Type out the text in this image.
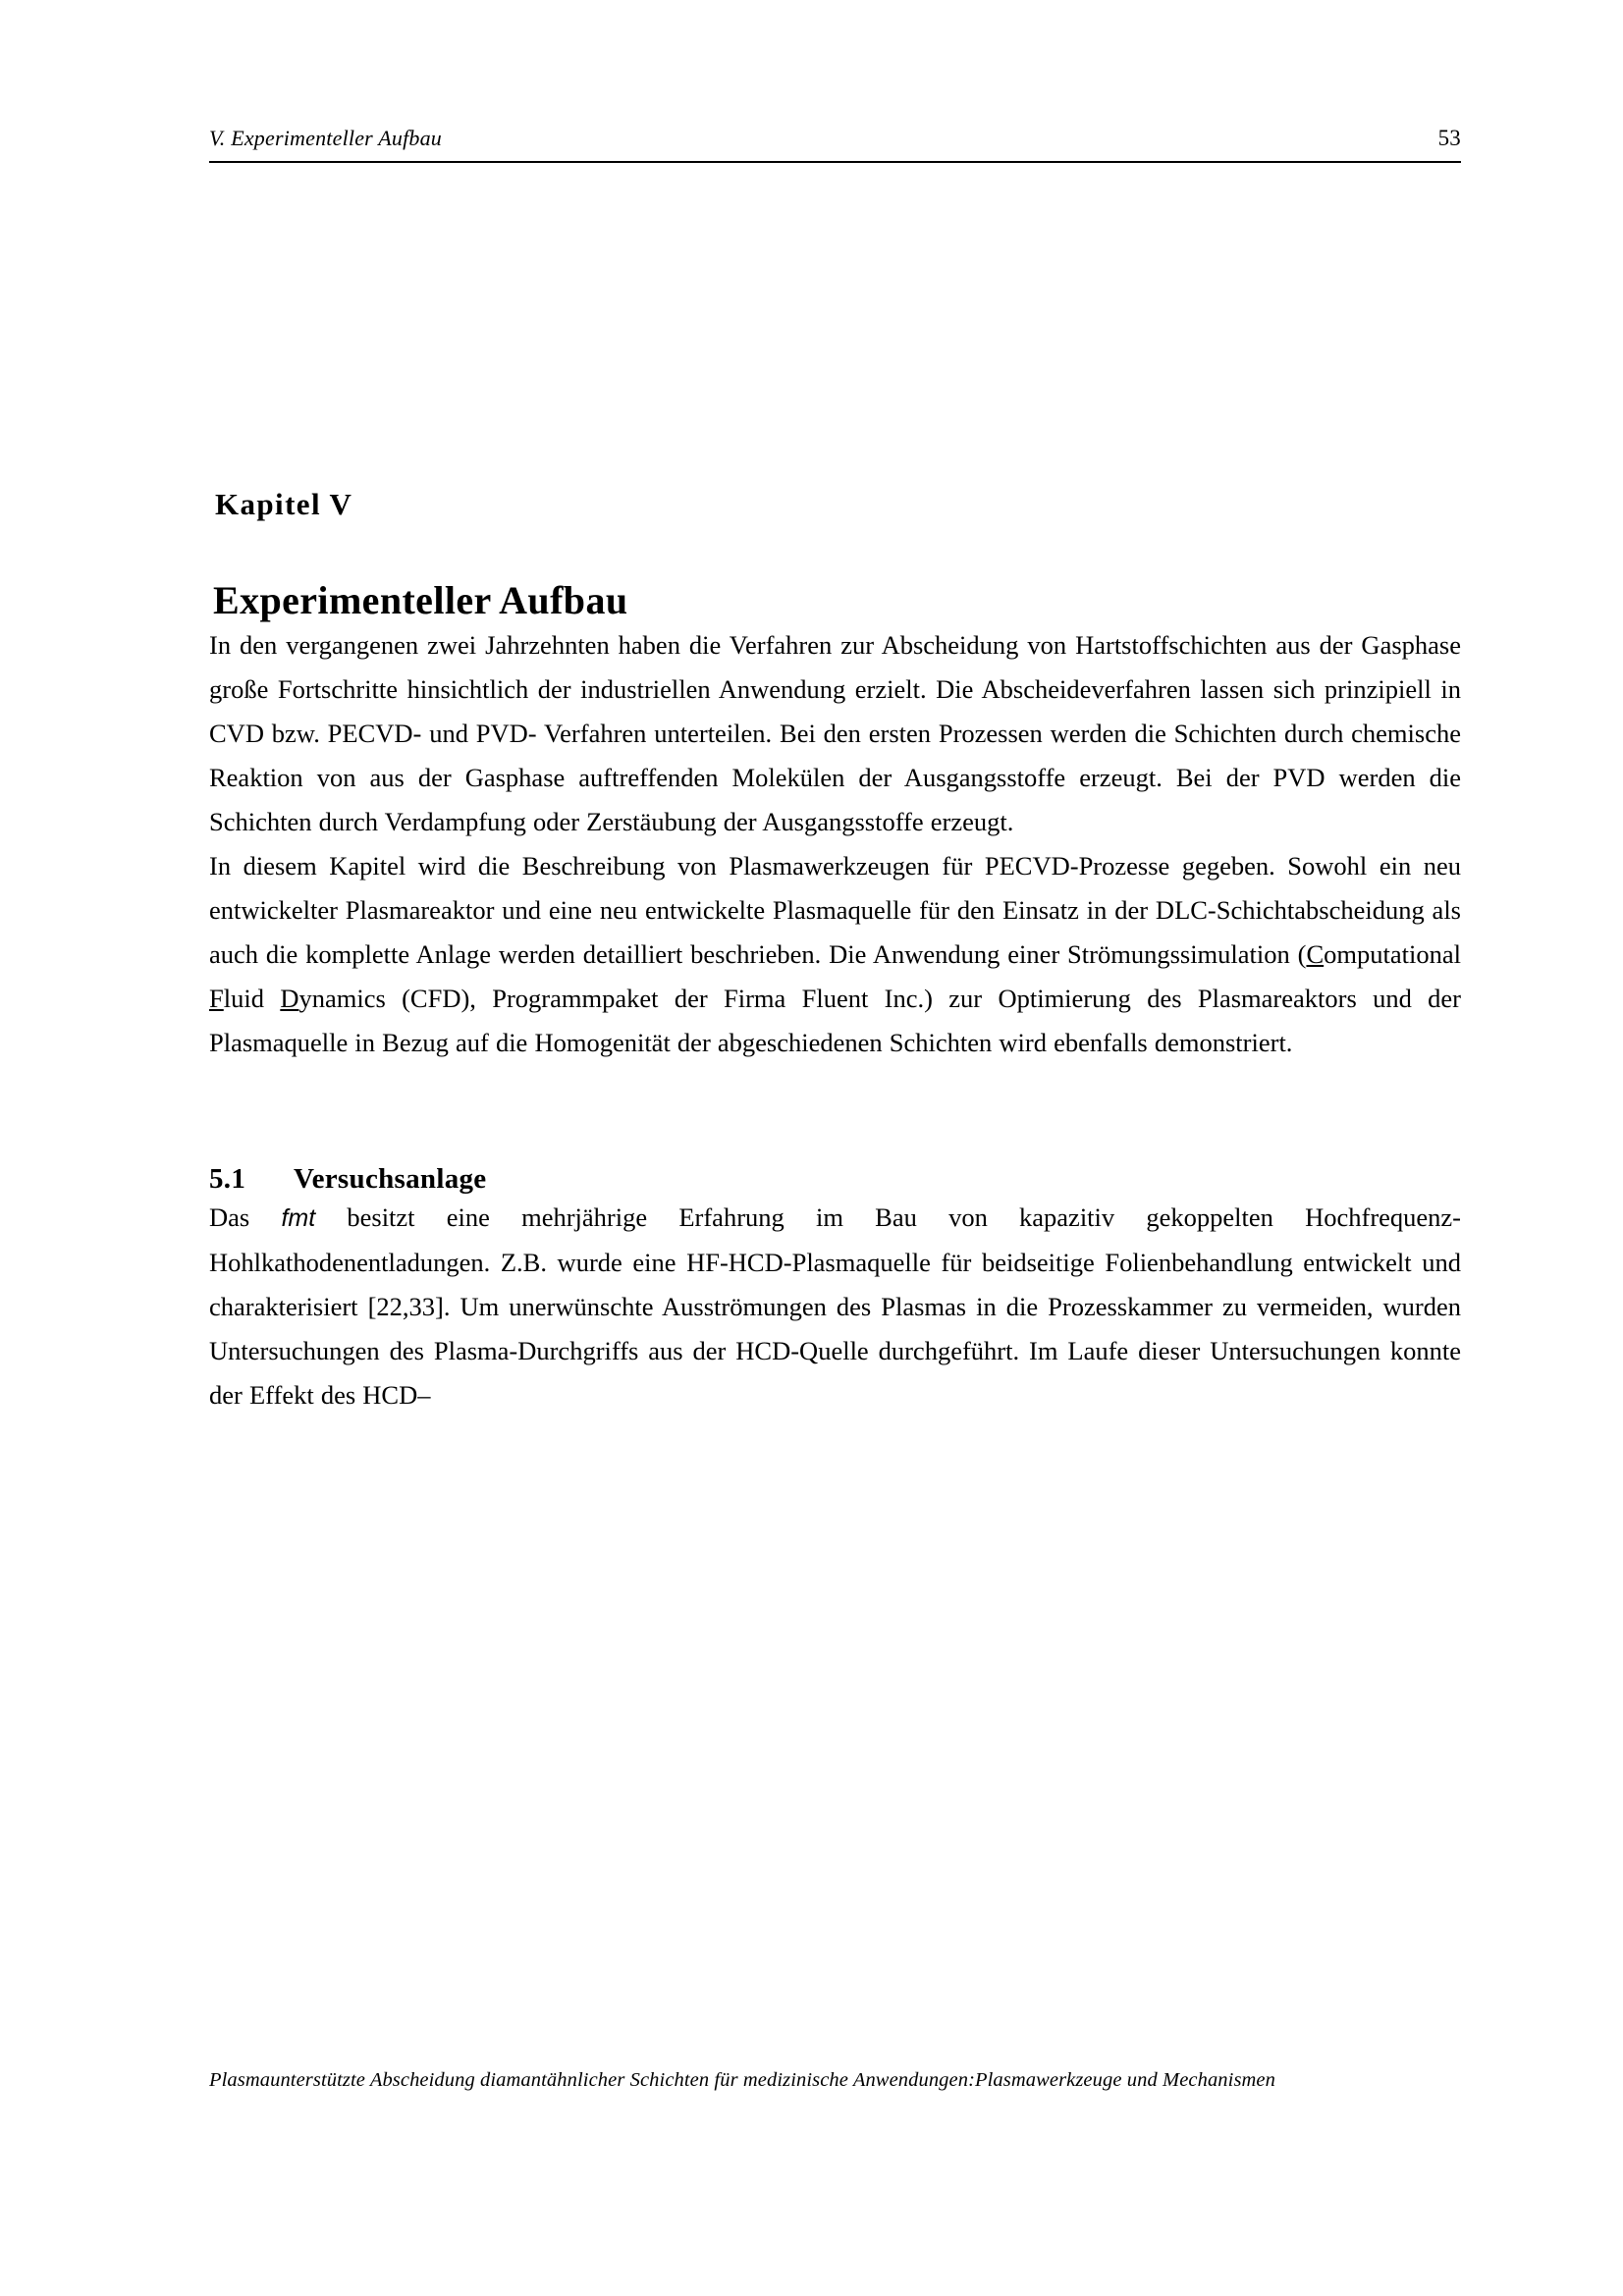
V. Experimenteller Aufbau	53
Kapitel V
Experimenteller Aufbau

In den vergangenen zwei Jahrzehnten haben die Verfahren zur Abscheidung von Hartstoffschichten aus der Gasphase große Fortschritte hinsichtlich der industriellen Anwendung erzielt. Die Abscheideverfahren lassen sich prinzipiell in CVD bzw. PECVD- und PVD- Verfahren unterteilen. Bei den ersten Prozessen werden die Schichten durch chemische Reaktion von aus der Gasphase auftreffenden Molekülen der Ausgangsstoffe erzeugt. Bei der PVD werden die Schichten durch Verdampfung oder Zerstäubung der Ausgangsstoffe erzeugt.

In diesem Kapitel wird die Beschreibung von Plasmawerkzeugen für PECVD-Prozesse gegeben. Sowohl ein neu entwickelter Plasmareaktor und eine neu entwickelte Plasmaquelle für den Einsatz in der DLC-Schichtabscheidung als auch die komplette Anlage werden detailliert beschrieben. Die Anwendung einer Strömungssimulation (Computational Fluid Dynamics (CFD), Programmpaket der Firma Fluent Inc.) zur Optimierung des Plasmareaktors und der Plasmaquelle in Bezug auf die Homogenität der abgeschiedenen Schichten wird ebenfalls demonstriert.

5.1	Versuchsanlage

Das fmt besitzt eine mehrjährige Erfahrung im Bau von kapazitiv gekoppelten Hochfrequenz-Hohlkathodenentladungen. Z.B. wurde eine HF-HCD-Plasmaquelle für beidseitige Folienbehandlung entwickelt und charakterisiert [22,33]. Um unerwünschte Ausströmungen des Plasmas in die Prozesskammer zu vermeiden, wurden Untersuchungen des Plasma-Durchgriffs aus der HCD-Quelle durchgeführt. Im Laufe dieser Untersuchungen konnte der Effekt des HCD–

Plasmaunterstützte Abscheidung diamantähnlicher Schichten für medizinische Anwendungen:Plasmawerkzeuge und Mechanismen
